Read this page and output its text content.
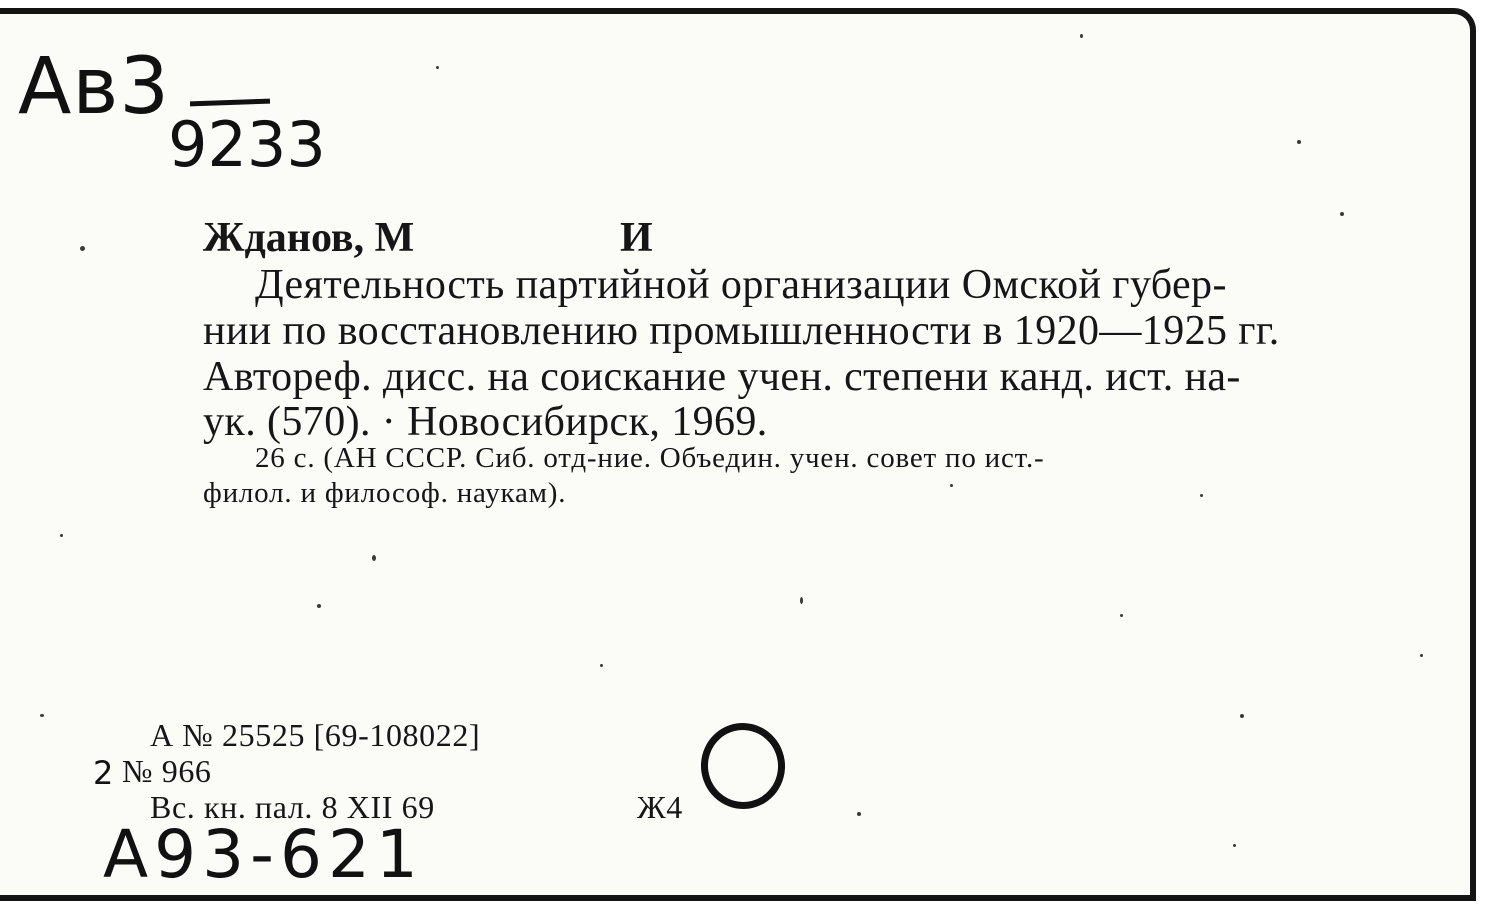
Ав3
9233
Жданов, М	И
Деятельность партийной организации Омской губер-
нии по восстановлению промышленности в 1920—1925 гг.
Автореф. дисс. на соискание учен. степени канд. ист. на-
ук. (570). · Новосибирск, 1969.
26 с. (АН СССР. Сиб. отд-ние. Объедин. учен. совет по ист.-
филол. и философ. наукам).
А № 25525 [69-108022]
2 № 966
Вс. кн. пал. 8 XII 69	Ж4
А93-621
